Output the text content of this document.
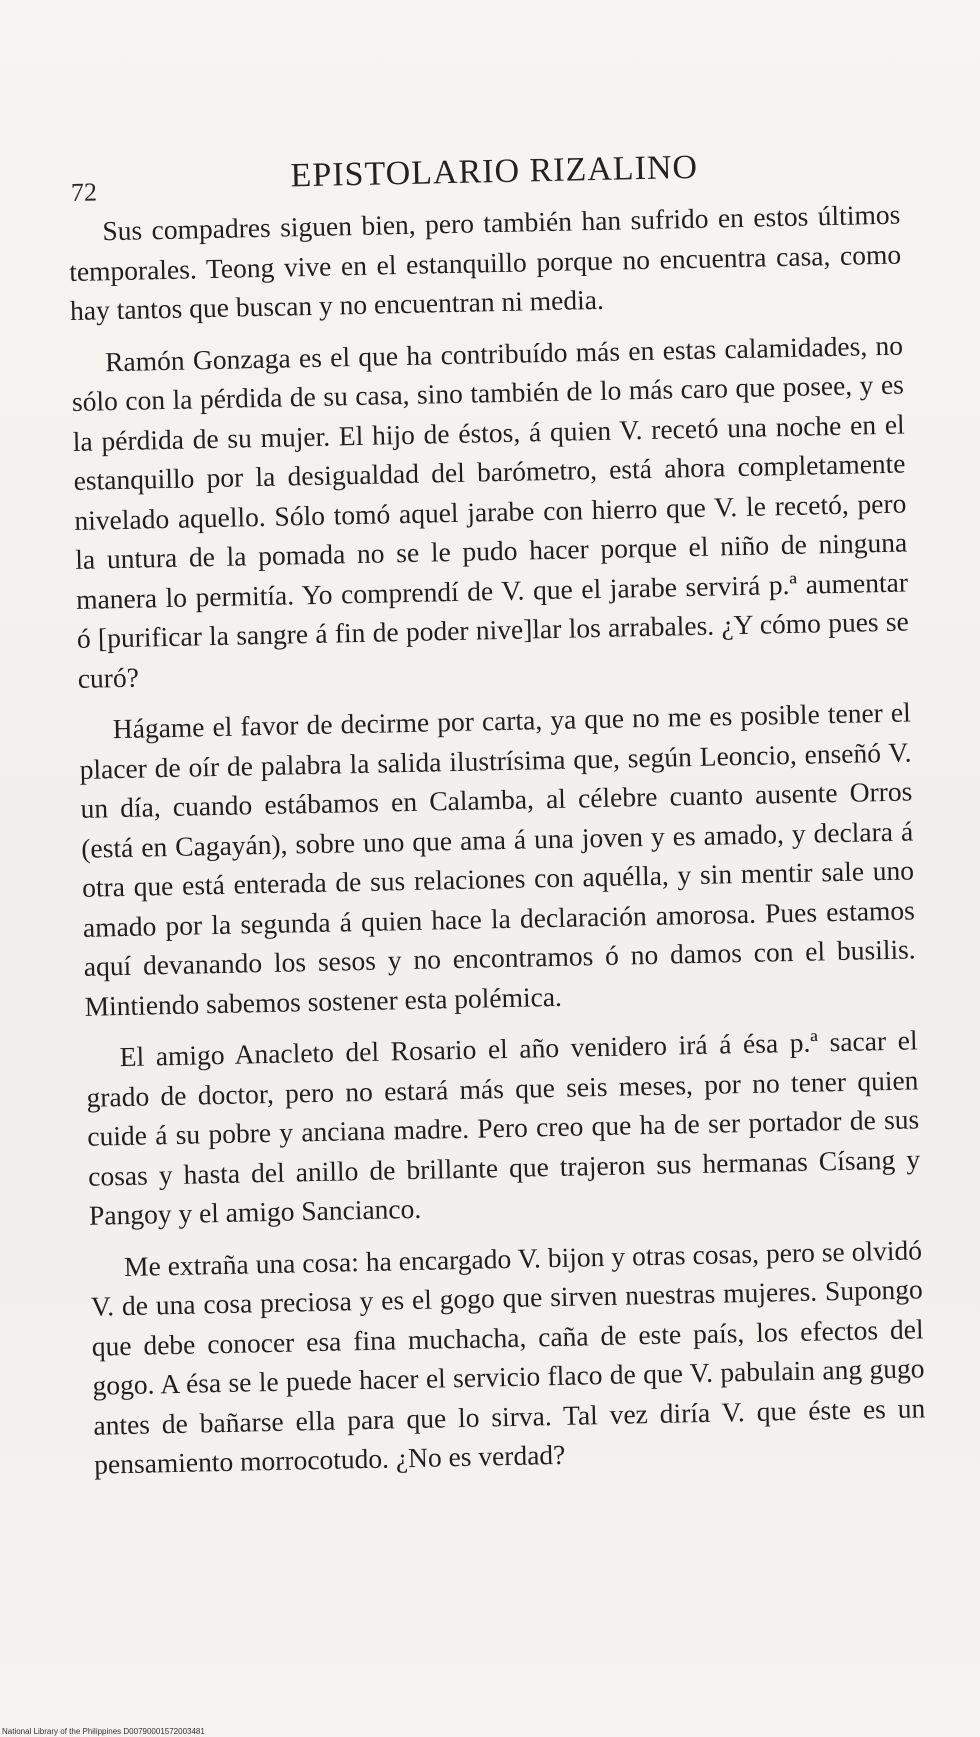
72	EPISTOLARIO RIZALINO

Sus compadres siguen bien, pero también han sufrido en estos últimos temporales. Teong vive en el estanquillo porque no encuentra casa, como hay tantos que buscan y no encuentran ni media.

Ramón Gonzaga es el que ha contribuído más en estas calamidades, no sólo con la pérdida de su casa, sino también de lo más caro que posee, y es la pérdida de su mujer. El hijo de éstos, á quien V. recetó una noche en el estanquillo por la desigualdad del barómetro, está ahora completamente nivelado aquello. Sólo tomó aquel jarabe con hierro que V. le recetó, pero la untura de la pomada no se le pudo hacer porque el niño de ninguna manera lo permitía. Yo comprendí de V. que el jarabe servirá p.ª aumentar ó [purificar la sangre á fin de poder nive]lar los arrabales. ¿Y cómo pues se curó?

Hágame el favor de decirme por carta, ya que no me es posible tener el placer de oír de palabra la salida ilustrísima que, según Leoncio, enseñó V. un día, cuando estábamos en Calamba, al célebre cuanto ausente Orros (está en Cagayán), sobre uno que ama á una joven y es amado, y declara á otra que está enterada de sus relaciones con aquélla, y sin mentir sale uno amado por la segunda á quien hace la declaración amorosa. Pues estamos aquí devanando los sesos y no encontramos ó no damos con el busilis. Mintiendo sabemos sostener esta polémica.

El amigo Anacleto del Rosario el año venidero irá á ésa p.ª sacar el grado de doctor, pero no estará más que seis meses, por no tener quien cuide á su pobre y anciana madre. Pero creo que ha de ser portador de sus cosas y hasta del anillo de brillante que trajeron sus hermanas Císang y Pangoy y el amigo Sancianco.

Me extraña una cosa: ha encargado V. bijon y otras cosas, pero se olvidó V. de una cosa preciosa y es el gogo que sirven nuestras mujeres. Supongo que debe conocer esa fina muchacha, caña de este país, los efectos del gogo. A ésa se le puede hacer el servicio flaco de que V. pabulain ang gugo antes de bañarse ella para que lo sirva. Tal vez diría V. que éste es un pensamiento morrocotudo. ¿No es verdad?

National Library of the Philippines D00790001572003481
